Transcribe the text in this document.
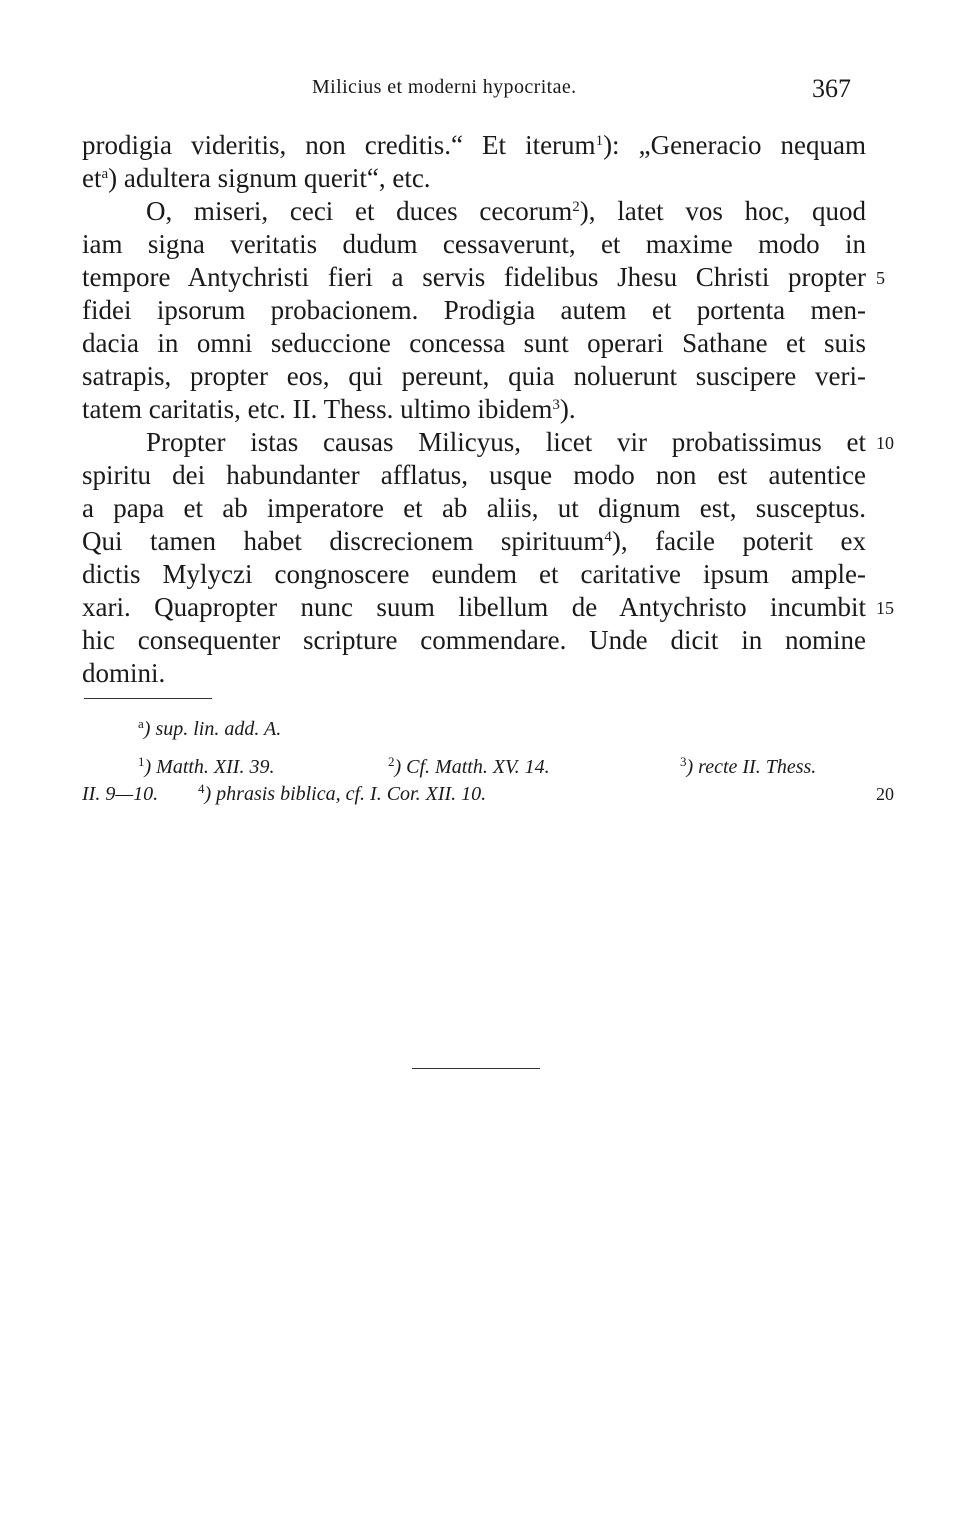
Milicius et moderni hypocritae.	367
prodigia videritis, non creditis.“ Et iterum$^1$): „Generacio nequam
$et^a$) adultera signum querit“, etc.
O, miseri, ceci et duces cecorum$^2$), latet vos hoc, quod
iam signa veritatis dudum cessaverunt, et maxime modo in
tempore Antychristi fieri a servis fidelibus Jhesu Christi propter
fidei ipsorum probacionem. Prodigia autem et portenta men-
dacia in omni seduccione concessa sunt operari Sathane et suis
satrapis, propter eos, qui pereunt, quia noluerunt suscipere veri-
tatem caritatis, etc. II. Thess. ultimo ibidem$^3$).
Propter istas causas Milicyus, licet vir probatissimus et
spiritu dei habundanter afflatus, usque modo non est autentice
a papa et ab imperatore et ab aliis, ut dignum est, susceptus.
Qui tamen habet discrecionem spirituum$^4$), facile poterit ex
dictis Mylyczi congnoscere eundem et caritative ipsum ample-
xari. Quapropter nunc suum libellum de Antychristo incumbit
hic consequenter scripture commendare. Unde dicit in nomine
domini.
5
10
15
20
$^a$) sup. lin. add. A.
$^1$) Matth. XII. 39.	$^2$) Cf. Matth. XV. 14.	$^3$) recte II. Thess.
II. 9—10.	$^4$) phrasis biblica, cf. I. Cor. XII. 10.
